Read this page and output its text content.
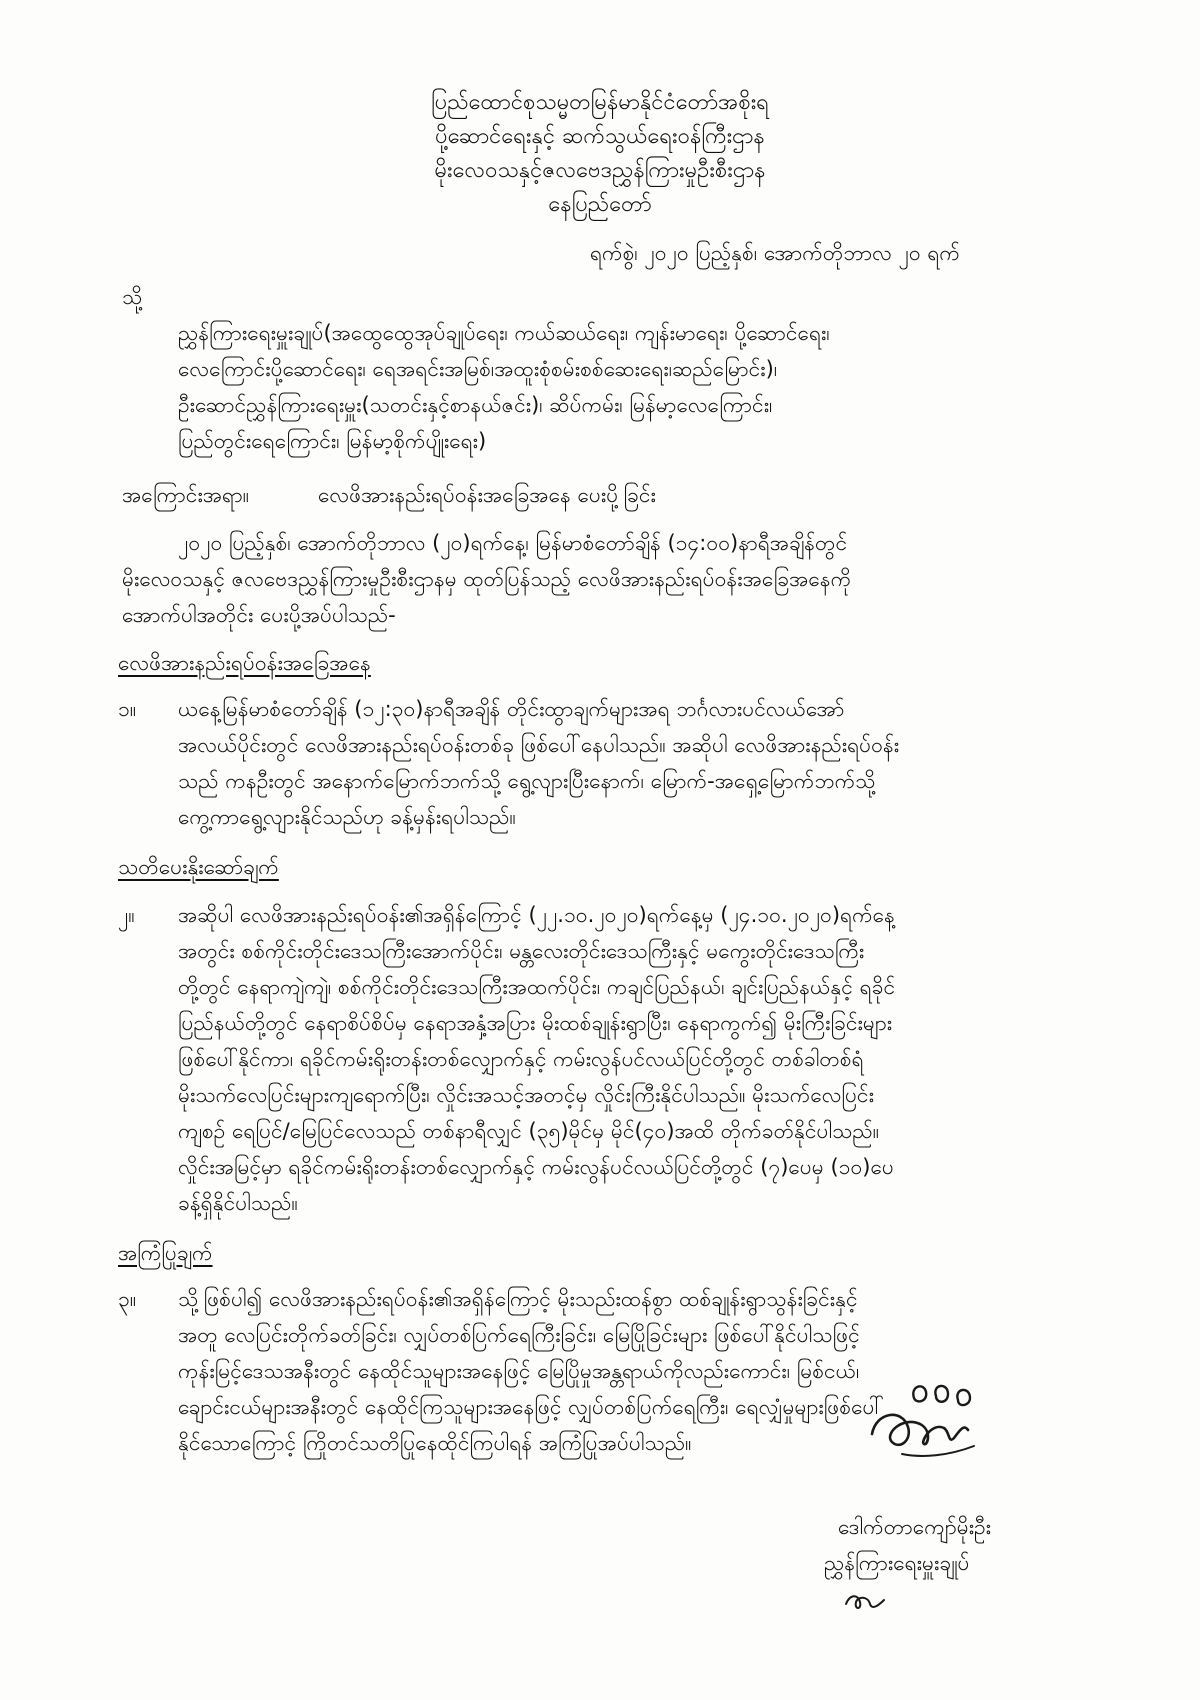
ပြည်ထောင်စုသမ္မတမြန်မာနိုင်ငံတော်အစိုးရ
ပို့ဆောင်ရေးနှင့် ဆက်သွယ်ရေးဝန်ကြီးဌာန
မိုးလေဝသနှင့်ဇလဗေဒညွှန်ကြားမှုဦးစီးဌာန
နေပြည်တော်
ရက်စွဲ၊ ၂၀၂၀ ပြည့်နှစ်၊ အောက်တိုဘာလ ၂၀ ရက်
သို့
ညွှန်ကြားရေးမှူးချုပ်(အထွေထွေအုပ်ချုပ်ရေး၊ ကယ်ဆယ်ရေး၊ ကျန်းမာရေး၊ ပို့ဆောင်ရေး၊
လေကြောင်းပို့ဆောင်ရေး၊ ရေအရင်းအမြစ်၊အထူးစုံစမ်းစစ်ဆေးရေး၊ဆည်မြောင်း)၊
ဦးဆောင်ညွှန်ကြားရေးမှူး(သတင်းနှင့်စာနယ်ဇင်း)၊ ဆိပ်ကမ်း၊ မြန်မာ့လေကြောင်း၊
ပြည်တွင်းရေကြောင်း၊ မြန်မာ့စိုက်ပျိုးရေး)
အကြောင်းအရာ။	လေဖိအားနည်းရပ်ဝန်းအခြေအနေ ပေးပို့ခြင်း
၂၀၂၀ ပြည့်နှစ်၊ အောက်တိုဘာလ (၂၀)ရက်နေ့၊ မြန်မာစံတော်ချိန် (၁၄:၀၀)နာရီအချိန်တွင်
မိုးလေဝသနှင့် ဇလဗေဒညွှန်ကြားမှုဦးစီးဌာနမှ ထုတ်ပြန်သည့် လေဖိအားနည်းရပ်ဝန်းအခြေအနေကို
အောက်ပါအတိုင်း ပေးပို့အပ်ပါသည်-
လေဖိအားနည်းရပ်ဝန်းအခြေအနေ
၁။ ယနေ့မြန်မာစံတော်ချိန် (၁၂:၃၀)နာရီအချိန် တိုင်းထွာချက်များအရ ဘင်္ဂလားပင်လယ်အော်
အလယ်ပိုင်းတွင် လေဖိအားနည်းရပ်ဝန်းတစ်ခု ဖြစ်ပေါ်နေပါသည်။ အဆိုပါ လေဖိအားနည်းရပ်ဝန်း
သည် ကနဦးတွင် အနောက်မြောက်ဘက်သို့ ရွေ့လျားပြီးနောက်၊ မြောက်-အရှေ့မြောက်ဘက်သို့
ကွေ့ကာရွေ့လျားနိုင်သည်ဟု ခန့်မှန်းရပါသည်။
သတိပေးနိုးဆော်ချက်
၂။ အဆိုပါ လေဖိအားနည်းရပ်ဝန်း၏အရှိန်ကြောင့် (၂၂.၁၀.၂၀၂၀)ရက်နေ့မှ (၂၄.၁၀.၂၀၂၀)ရက်နေ့
အတွင်း စစ်ကိုင်းတိုင်းဒေသကြီးအောက်ပိုင်း၊ မန္တလေးတိုင်းဒေသကြီးနှင့် မကွေးတိုင်းဒေသကြီး
တို့တွင် နေရာကျဲကျဲ၊ စစ်ကိုင်းတိုင်းဒေသကြီးအထက်ပိုင်း၊ ကချင်ပြည်နယ်၊ ချင်းပြည်နယ်နှင့် ရခိုင်
ပြည်နယ်တို့တွင် နေရာစိပ်စိပ်မှ နေရာအနှံ့အပြား မိုးထစ်ချုန်းရွာပြီး၊ နေရာကွက်၍ မိုးကြီးခြင်းများ
ဖြစ်ပေါ်နိုင်ကာ၊ ရခိုင်ကမ်းရိုးတန်းတစ်လျှောက်နှင့် ကမ်းလွန်ပင်လယ်ပြင်တို့တွင် တစ်ခါတစ်ရံ
မိုးသက်လေပြင်းများကျရောက်ပြီး၊ လှိုင်းအသင့်အတင့်မှ လှိုင်းကြီးနိုင်ပါသည်။ မိုးသက်လေပြင်း
ကျစဉ် ရေပြင်/မြေပြင်လေသည် တစ်နာရီလျှင် (၃၅)မိုင်မှ မိုင်(၄၀)အထိ တိုက်ခတ်နိုင်ပါသည်။
လှိုင်းအမြင့်မှာ ရခိုင်ကမ်းရိုးတန်းတစ်လျှောက်နှင့် ကမ်းလွန်ပင်လယ်ပြင်တို့တွင် (၇)ပေမှ (၁၀)ပေ
ခန့်ရှိနိုင်ပါသည်။
အကြံပြုချက်
၃။ သို့ဖြစ်ပါ၍ လေဖိအားနည်းရပ်ဝန်း၏အရှိန်ကြောင့် မိုးသည်းထန်စွာ ထစ်ချုန်းရွာသွန်းခြင်းနှင့်
အတူ လေပြင်းတိုက်ခတ်ခြင်း၊ လျှပ်တစ်ပြက်ရေကြီးခြင်း၊ မြေပြိုခြင်းများ ဖြစ်ပေါ်နိုင်ပါသဖြင့်
ကုန်းမြင့်ဒေသအနီးတွင် နေထိုင်သူများအနေဖြင့် မြေပြိုမှုအန္တရာယ်ကိုလည်းကောင်း၊ မြစ်ငယ်၊
ချောင်းငယ်များအနီးတွင် နေထိုင်ကြသူများအနေဖြင့် လျှပ်တစ်ပြက်ရေကြီး၊ ရေလျှံမှုများဖြစ်ပေါ်
နိုင်သောကြောင့် ကြိုတင်သတိပြုနေထိုင်ကြပါရန် အကြံပြုအပ်ပါသည်။
ဒေါက်တာကျော်မိုးဦး
ညွှန်ကြားရေးမှူးချုပ်
